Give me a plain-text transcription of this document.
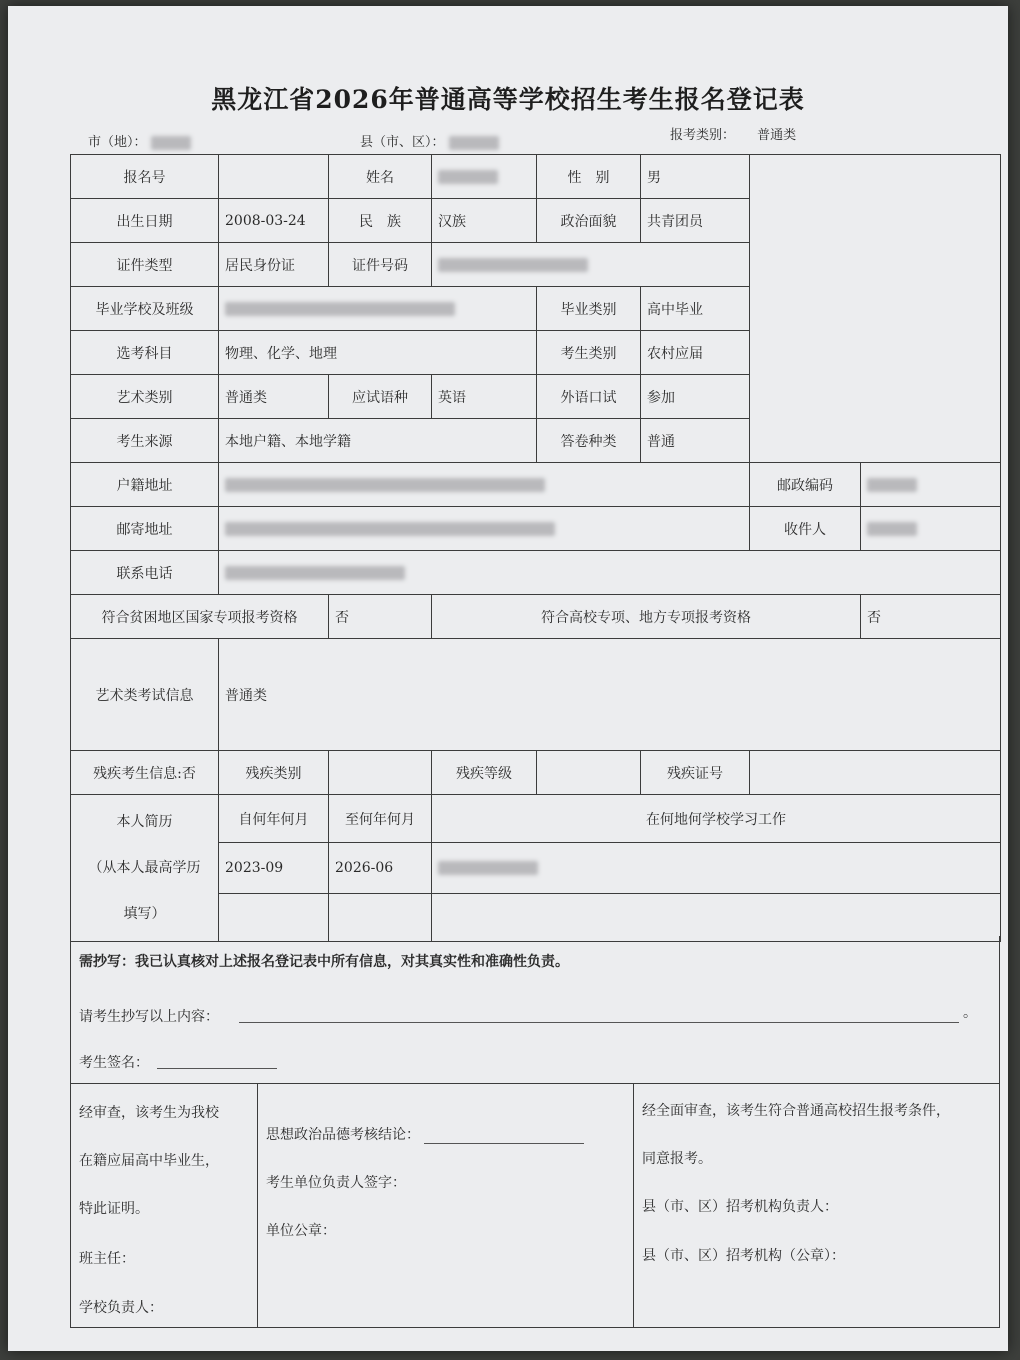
黑龙江省2026年普通高等学校招生考生报名登记表
市（地）：	县（市、区）：	报考类别： 普通类
报名号		姓名		性　别	男		
出生日期	2008-03-24	民　族	汉族	政治面貌	共青团员		
证件类型	居民身份证	证件号码					
毕业学校及班级				毕业类别	高中毕业		
选考科目	物理、化学、地理			考生类别	农村应届		
艺术类别	普通类	应试语种	英语	外语口试	参加		
考生来源	本地户籍、本地学籍			答卷种类	普通		
户籍地址						邮政编码	
邮寄地址						收件人	
联系电话							
符合贫困地区国家专项报考资格		否	符合高校专项、地方专项报考资格				否
艺术类考试信息	普通类						
残疾考生信息:否	残疾类别		残疾等级		残疾证号		

本人简历
（从本人最高学历
填写）	自何年何月	至何年何月	在何地何学校学习工作				
	2023-09	2026-06					

需抄写：我已认真核对上述报名登记表中所有信息，对其真实性和准确性负责。
请考生抄写以上内容：	。
考生签名：
经审查，该考生为我校
在籍应届高中毕业生，
特此证明。
班主任：
学校负责人：
思想政治品德考核结论：
考生单位负责人签字：
单位公章：
经全面审查，该考生符合普通高校招生报考条件，
同意报考。
县（市、区）招考机构负责人：
县（市、区）招考机构（公章）：
